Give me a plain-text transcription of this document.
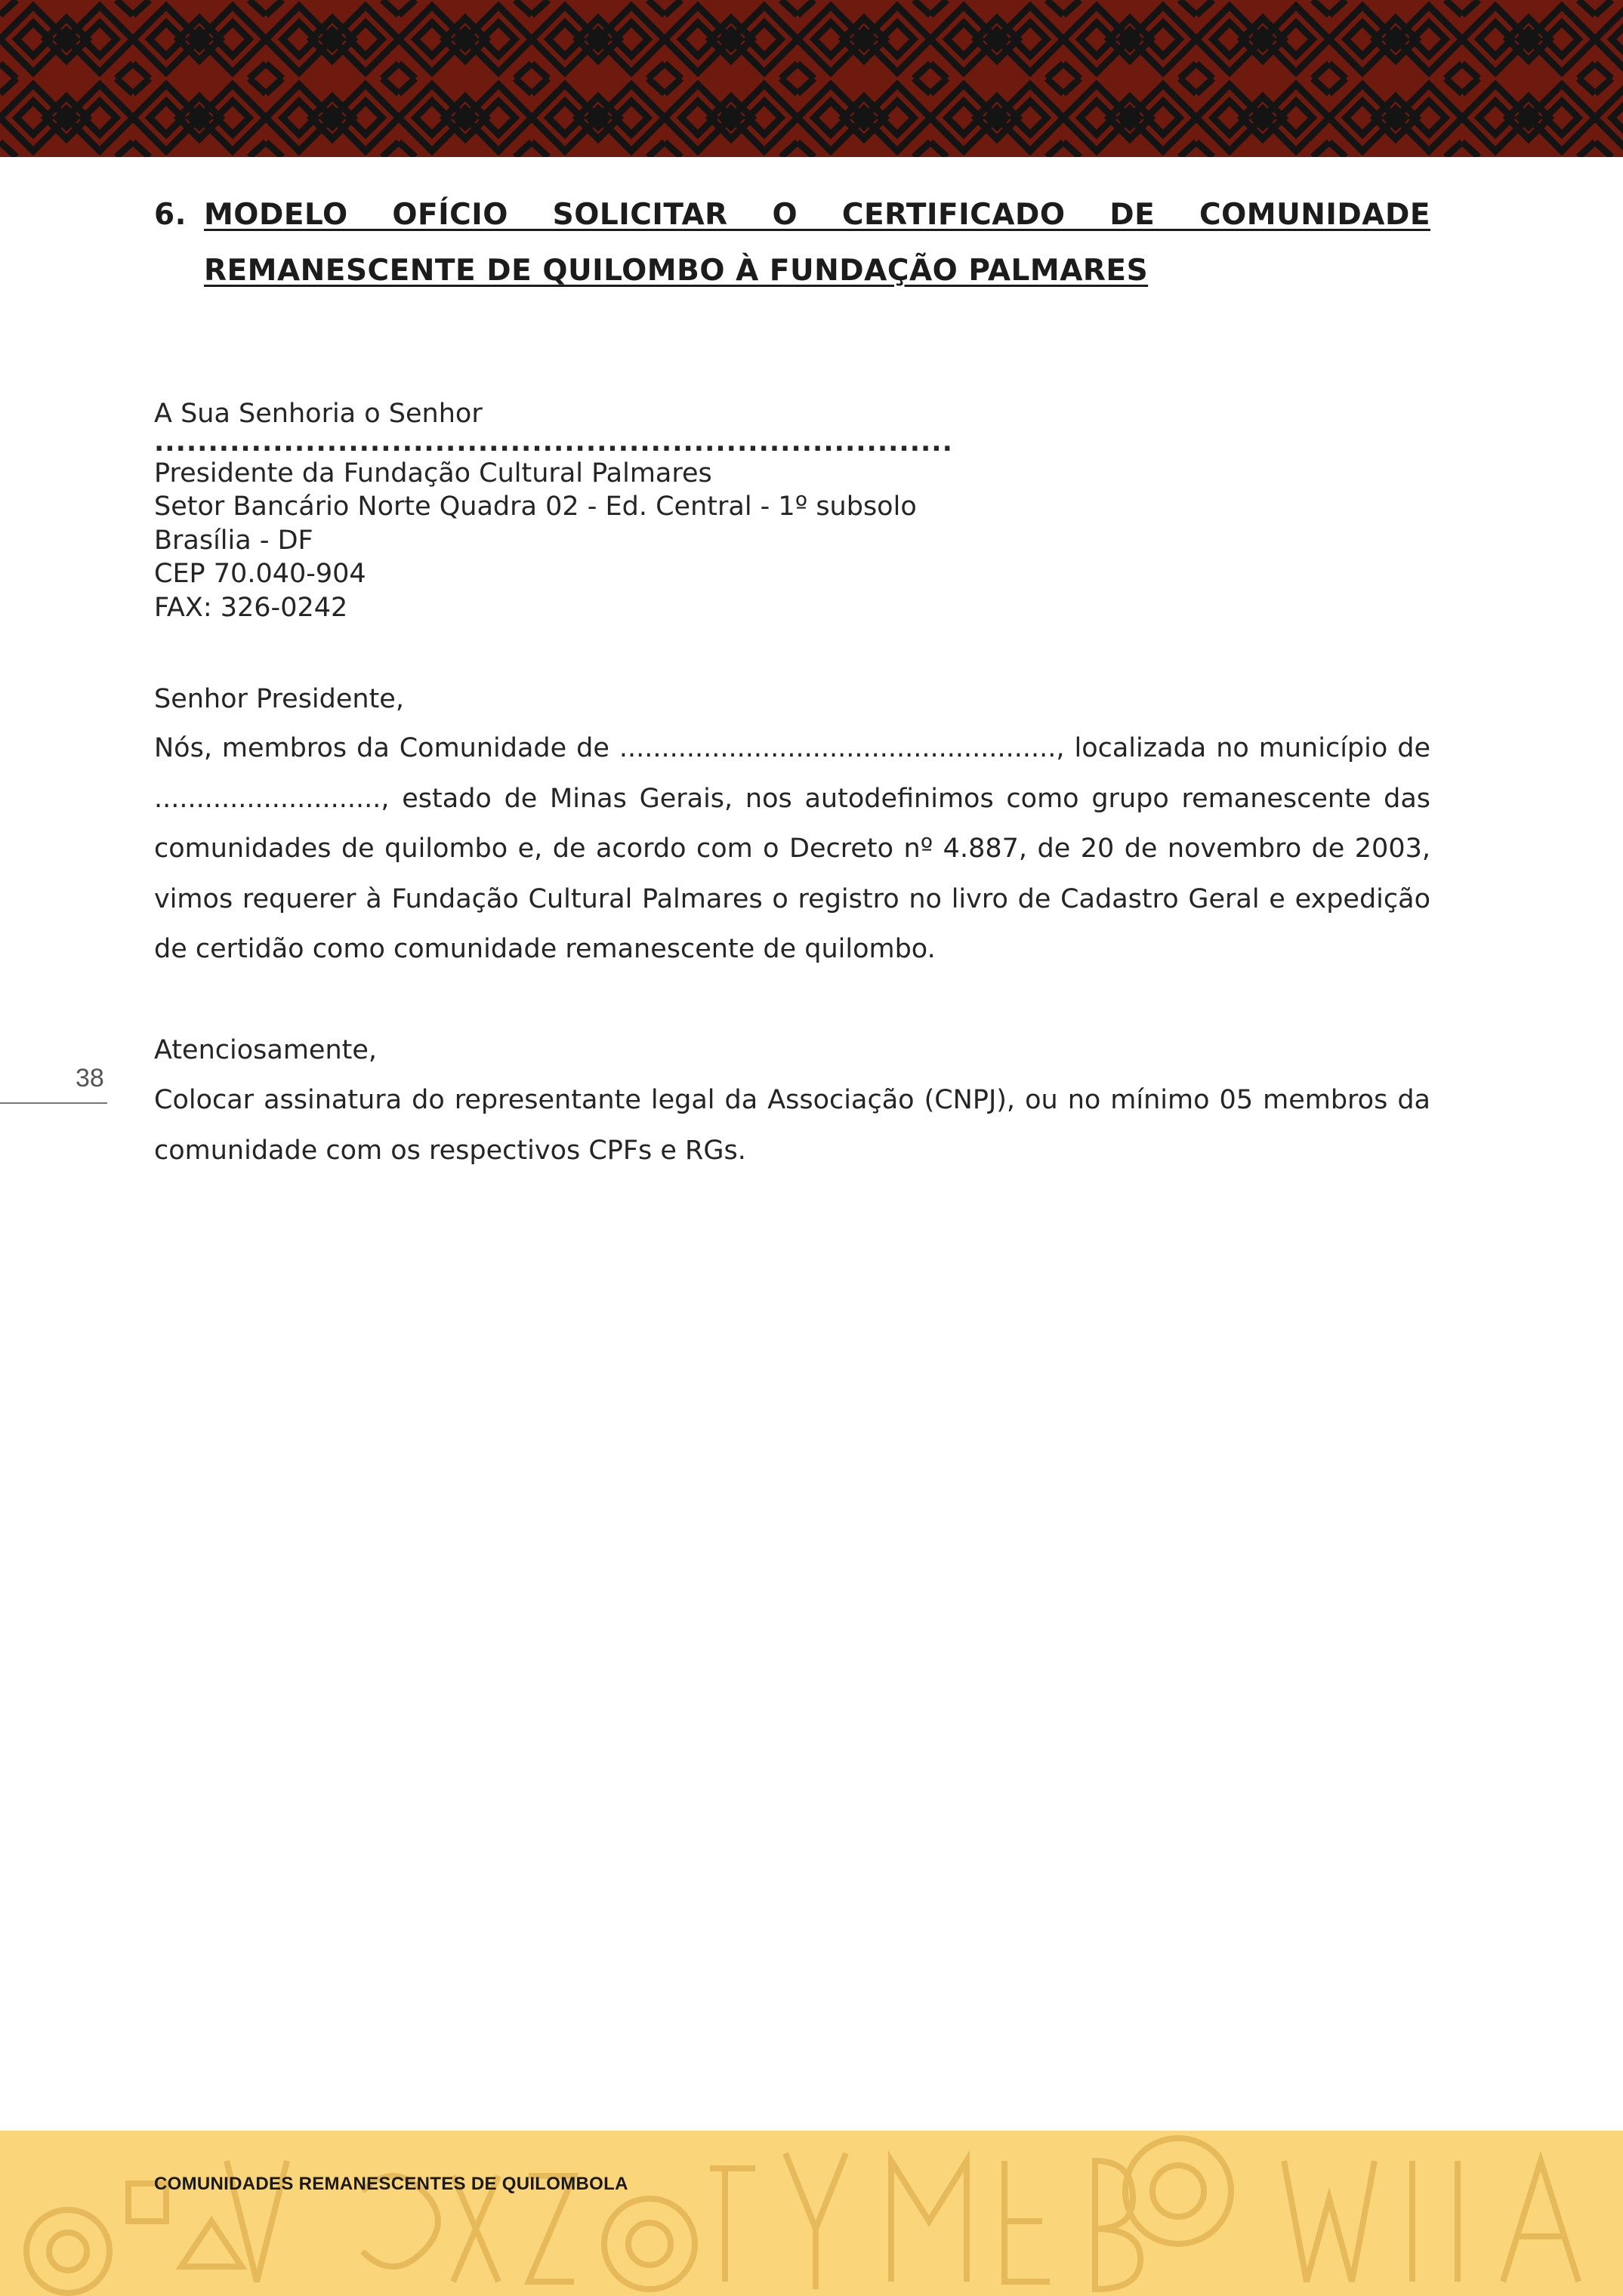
6. MODELO OFÍCIO SOLICITAR O CERTIFICADO DE COMUNIDADE REMANESCENTE DE QUILOMBO À FUNDAÇÃO PALMARES
A Sua Senhoria o Senhor
..........................................................................
Presidente da Fundação Cultural Palmares
Setor Bancário Norte Quadra 02 - Ed. Central - 1º subsolo
Brasília - DF
CEP 70.040-904
FAX: 326-0242
Senhor Presidente,
Nós, membros da Comunidade de ...................................................., localizada no município de ..........................., estado de Minas Gerais, nos autodefinimos como grupo remanescente das comunidades de quilombo e, de acordo com o Decreto nº 4.887, de 20 de novembro de 2003, vimos requerer à Fundação Cultural Palmares o registro no livro de Cadastro Geral e expedição de certidão como comunidade remanescente de quilombo.
Atenciosamente,
Colocar assinatura do representante legal da Associação (CNPJ), ou no mínimo 05 membros da comunidade com os respectivos CPFs e RGs.
38
COMUNIDADES REMANESCENTES DE QUILOMBOLA
